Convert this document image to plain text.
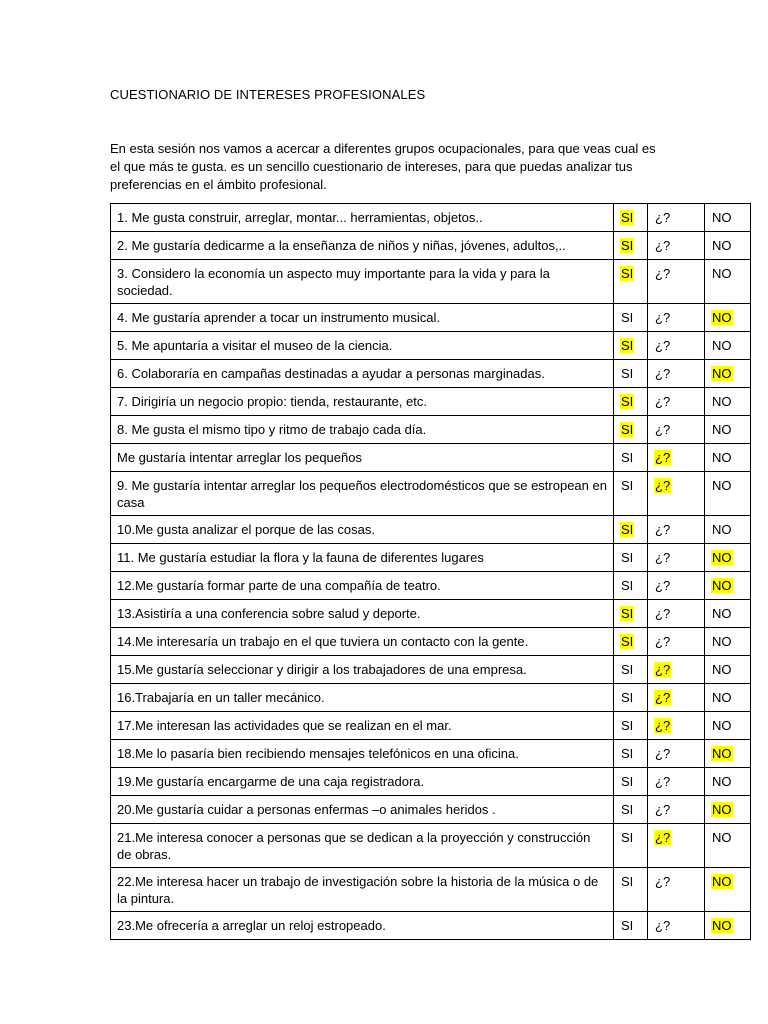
CUESTIONARIO DE INTERESES PROFESIONALES
En esta sesión nos vamos a acercar a diferentes grupos ocupacionales, para que veas cual es el que más te gusta. es un sencillo cuestionario de intereses, para que puedas analizar tus preferencias en el ámbito profesional.
1. Me gusta construir, arreglar, montar... herramientas, objetos..	SI	¿?	NO
2. Me gustaría dedicarme a la enseñanza de niños y niñas, jóvenes, adultos,..	SI	¿?	NO
3. Considero la economía un aspecto muy importante para la vida y para la sociedad.	SI	¿?	NO
4. Me gustaría aprender a tocar un instrumento musical.	SI	¿?	NO
5. Me apuntaría a visitar el museo de la ciencia.	SI	¿?	NO
6. Colaboraría en campañas destinadas a ayudar a personas marginadas.	SI	¿?	NO
7. Dirigiría un negocio propio: tienda, restaurante, etc.	SI	¿?	NO
8. Me gusta el mismo tipo y ritmo de trabajo cada día.	SI	¿?	NO
Me gustaría intentar arreglar los pequeños	SI	¿?	NO
9. Me gustaría intentar arreglar los pequeños electrodomésticos que se estropean en casa	SI	¿?	NO
10.Me gusta analizar el porque de las cosas.	SI	¿?	NO
11. Me gustaría estudiar la flora y la fauna de diferentes lugares	SI	¿?	NO
12.Me gustaría formar parte de una compañía de teatro.	SI	¿?	NO
13.Asistiría a una conferencia sobre salud y deporte.	SI	¿?	NO
14.Me interesaría un trabajo en el que tuviera un contacto con la gente.	SI	¿?	NO
15.Me gustaría seleccionar y dirigir a los trabajadores de una empresa.	SI	¿?	NO
16.Trabajaría en un taller mecánico.	SI	¿?	NO
17.Me interesan las actividades que se realizan en el mar.	SI	¿?	NO
18.Me lo pasaría bien recibiendo mensajes telefónicos en una oficina.	SI	¿?	NO
19.Me gustaría encargarme de una caja registradora.	SI	¿?	NO
20.Me gustaría cuidar a personas enfermas –o animales heridos .	SI	¿?	NO
21.Me interesa conocer a personas que se dedican a la proyección y construcción de obras.	SI	¿?	NO
22.Me interesa hacer un trabajo de investigación sobre la historia de la música o de la pintura.	SI	¿?	NO
23.Me ofrecería a arreglar un reloj estropeado.	SI	¿?	NO
